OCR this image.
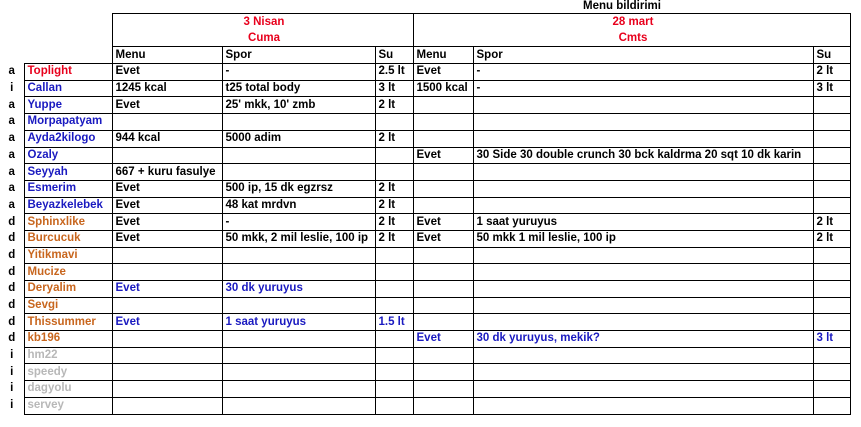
Menu bildirimi
		3 Nisan			28 mart		
		Cuma			Cmts		
		Menu	Spor	Su	Menu	Spor	Su
a	Toplight	Evet	-	2.5 lt	Evet	-	2 lt
i	Callan	1245 kcal	t25 total body	3 lt	1500 kcal	-	3 lt
a	Yuppe	Evet	25' mkk, 10' zmb	2 lt			
a	Morpapatyam						
a	Ayda2kilogo	944 kcal	5000 adim	2 lt			
a	Ozaly				Evet	30 Side 30 double crunch 30 bck kaldrma 20 sqt 10 dk karin	
a	Seyyah	667 + kuru fasulye					
a	Esmerim	Evet	500 ip, 15 dk egzrsz	2 lt			
a	Beyazkelebek	Evet	48 kat mrdvn	2 lt			
d	Sphinxlike	Evet	-	2 lt	Evet	1 saat yuruyus	2 lt
d	Burcucuk	Evet	50 mkk, 2 mil leslie, 100 ip	2 lt	Evet	50 mkk 1 mil leslie, 100 ip	2 lt
d	Yitikmavi						
d	Mucize						
d	Deryalim	Evet	30 dk yuruyus				
d	Sevgi						
d	Thissummer	Evet	1 saat yuruyus	1.5 lt			
d	kb196				Evet	30 dk yuruyus, mekik?	3 lt
i	hm22						
i	speedy						
i	dagyolu						
i	servey						
